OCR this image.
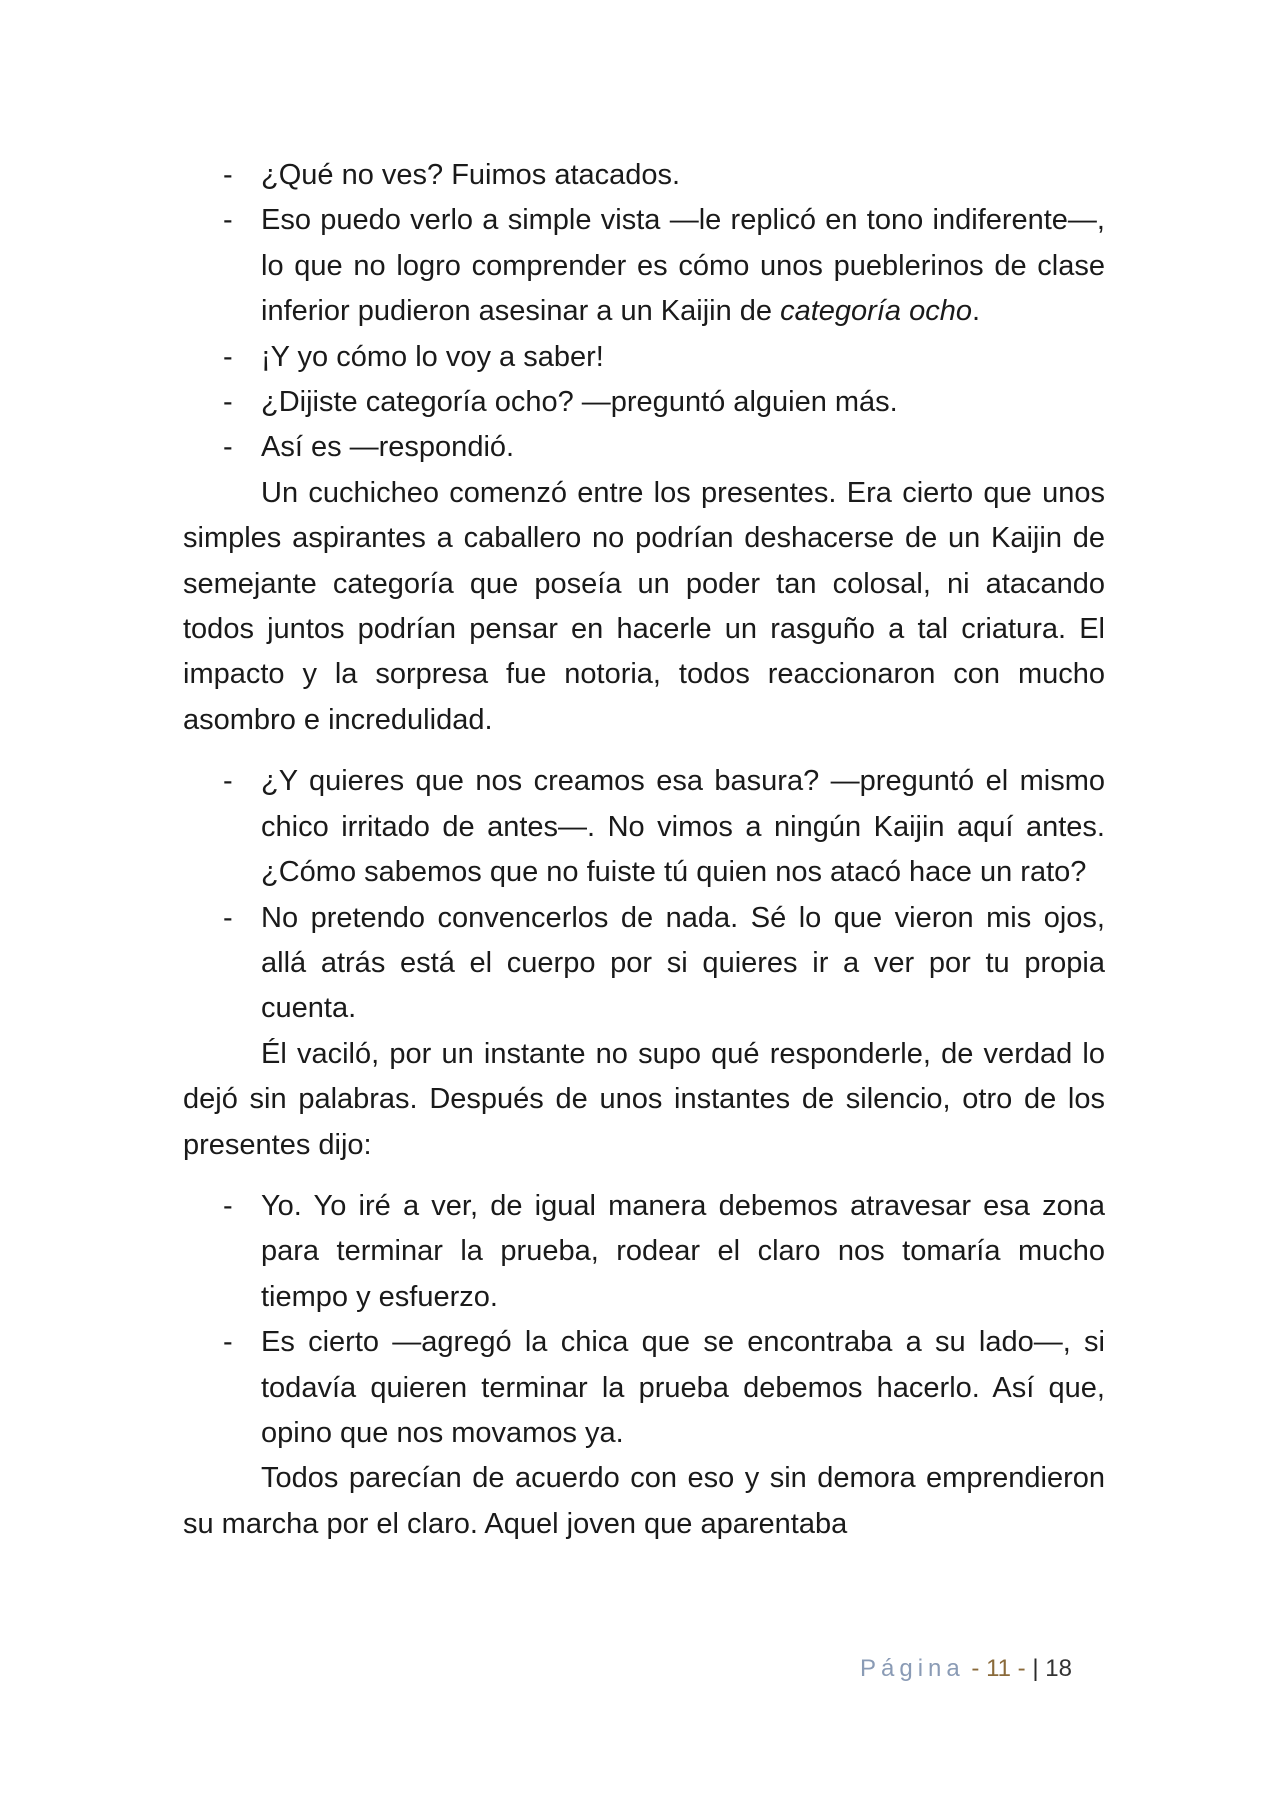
- ¿Qué no ves? Fuimos atacados.
- Eso puedo verlo a simple vista —le replicó en tono indiferente—, lo que no logro comprender es cómo unos pueblerinos de clase inferior pudieron asesinar a un Kaijin de categoría ocho.
- ¡Y yo cómo lo voy a saber!
- ¿Dijiste categoría ocho? —preguntó alguien más.
- Así es —respondió.
Un cuchicheo comenzó entre los presentes. Era cierto que unos simples aspirantes a caballero no podrían deshacerse de un Kaijin de semejante categoría que poseía un poder tan colosal, ni atacando todos juntos podrían pensar en hacerle un rasguño a tal criatura. El impacto y la sorpresa fue notoria, todos reaccionaron con mucho asombro e incredulidad.
- ¿Y quieres que nos creamos esa basura? —preguntó el mismo chico irritado de antes—. No vimos a ningún Kaijin aquí antes. ¿Cómo sabemos que no fuiste tú quien nos atacó hace un rato?
- No pretendo convencerlos de nada. Sé lo que vieron mis ojos, allá atrás está el cuerpo por si quieres ir a ver por tu propia cuenta.
Él vaciló, por un instante no supo qué responderle, de verdad lo dejó sin palabras. Después de unos instantes de silencio, otro de los presentes dijo:
- Yo. Yo iré a ver, de igual manera debemos atravesar esa zona para terminar la prueba, rodear el claro nos tomaría mucho tiempo y esfuerzo.
- Es cierto —agregó la chica que se encontraba a su lado—, si todavía quieren terminar la prueba debemos hacerlo. Así que, opino que nos movamos ya.
Todos parecían de acuerdo con eso y sin demora emprendieron su marcha por el claro. Aquel joven que aparentaba
Página - 11 - | 18
